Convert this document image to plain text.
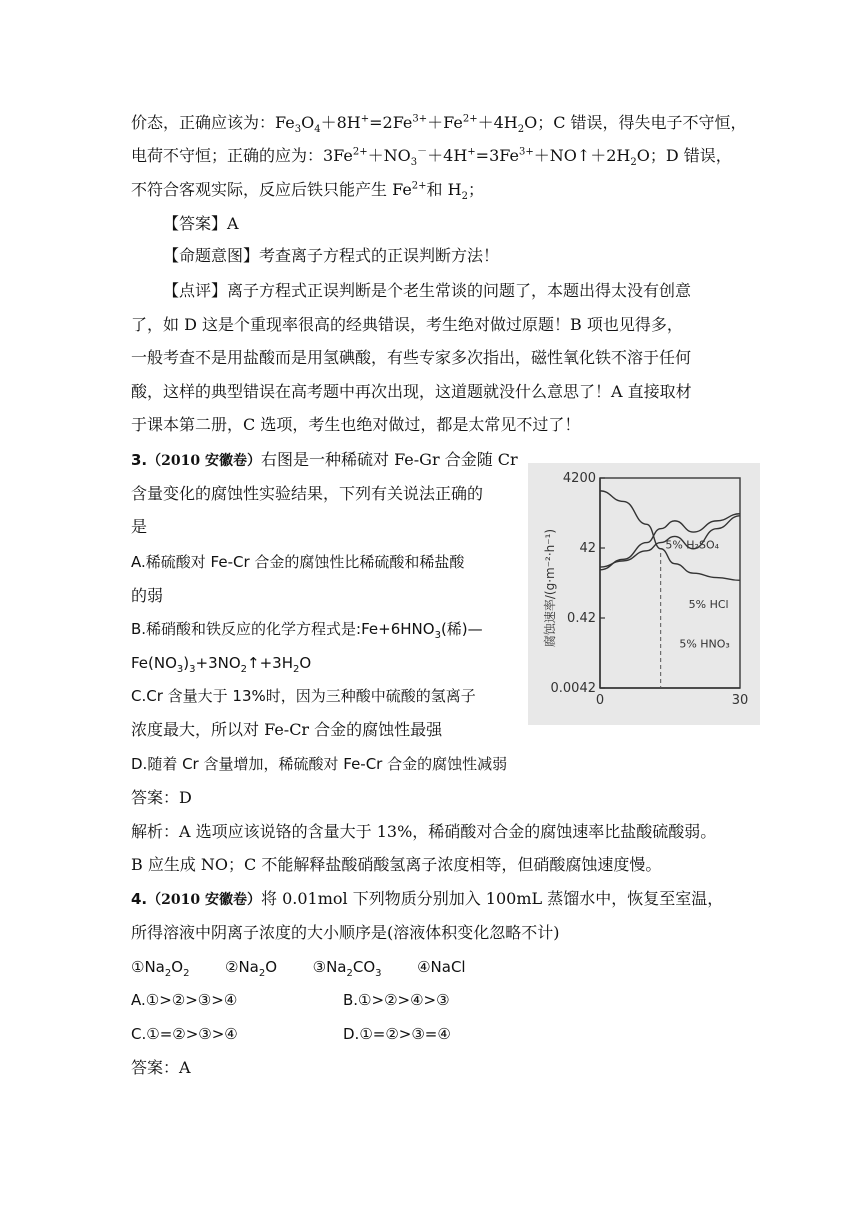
价态，正确应该为：$Fe_3O_4+8H^+=2Fe^{3+}+Fe^{2+}+4H_2O$；C 错误，得失电子不守恒，
电荷不守恒；正确的应为：$3Fe^{2+}+NO_3^-+4H^+=3Fe^{3+}+NO↑+2H_2O$；D 错误，
不符合客观实际，反应后铁只能产生 $Fe^{2+}$和 $H_2$；
【答案】A
【命题意图】考查离子方程式的正误判断方法！
【点评】离子方程式正误判断是个老生常谈的问题了，本题出得太没有创意
了，如 D 这是个重现率很高的经典错误，考生绝对做过原题！B 项也见得多，
一般考查不是用盐酸而是用氢碘酸，有些专家多次指出，磁性氧化铁不溶于任何
酸，这样的典型错误在高考题中再次出现，这道题就没什么意思了！A 直接取材
于课本第二册，C 选项，考生也绝对做过，都是太常见不过了！
3.（2010 安徽卷）右图是一种稀硫对 Fe-Gr 合金随 Cr
含量变化的腐蚀性实验结果，下列有关说法正确的
是
A.稀硫酸对 Fe-Cr 合金的腐蚀性比稀硫酸和稀盐酸
的弱
B.稀硝酸和铁反应的化学方程式是$:Fe+6HNO_3$(稀)—
$Fe(NO_3)_3+3NO_2↑+3H_2O$
C.Cr 含量大于 13%时，因为三种酸中硫酸的氢离子
浓度最大，所以对 Fe-Cr 合金的腐蚀性最强
D.随着 Cr 含量增加，稀硫酸对 Fe-Cr 合金的腐蚀性减弱
答案：D
解析：A 选项应该说铬的含量大于 13%，稀硝酸对合金的腐蚀速率比盐酸硫酸弱。
B 应生成 NO；C 不能解释盐酸硝酸氢离子浓度相等，但硝酸腐蚀速度慢。
腐蚀速率/(g·m⁻²·h⁻¹)
4200
42
0.42
0.0042
0	30
5% H₂SO₄
5% HCl
5% HNO₃
4.（2010 安徽卷）将 0.01mol 下列物质分别加入 100mL 蒸馏水中，恢复至室温，
所得溶液中阴离子浓度的大小顺序是(溶液体积变化忽略不计)
$①Na_2O_2$ $②Na_2O$ $③Na_2CO_3$ ④NaCl
A.①>②>③>④	B.①>②>④>③
C.①=②>③>④	D.①=②>③=④
答案：A
